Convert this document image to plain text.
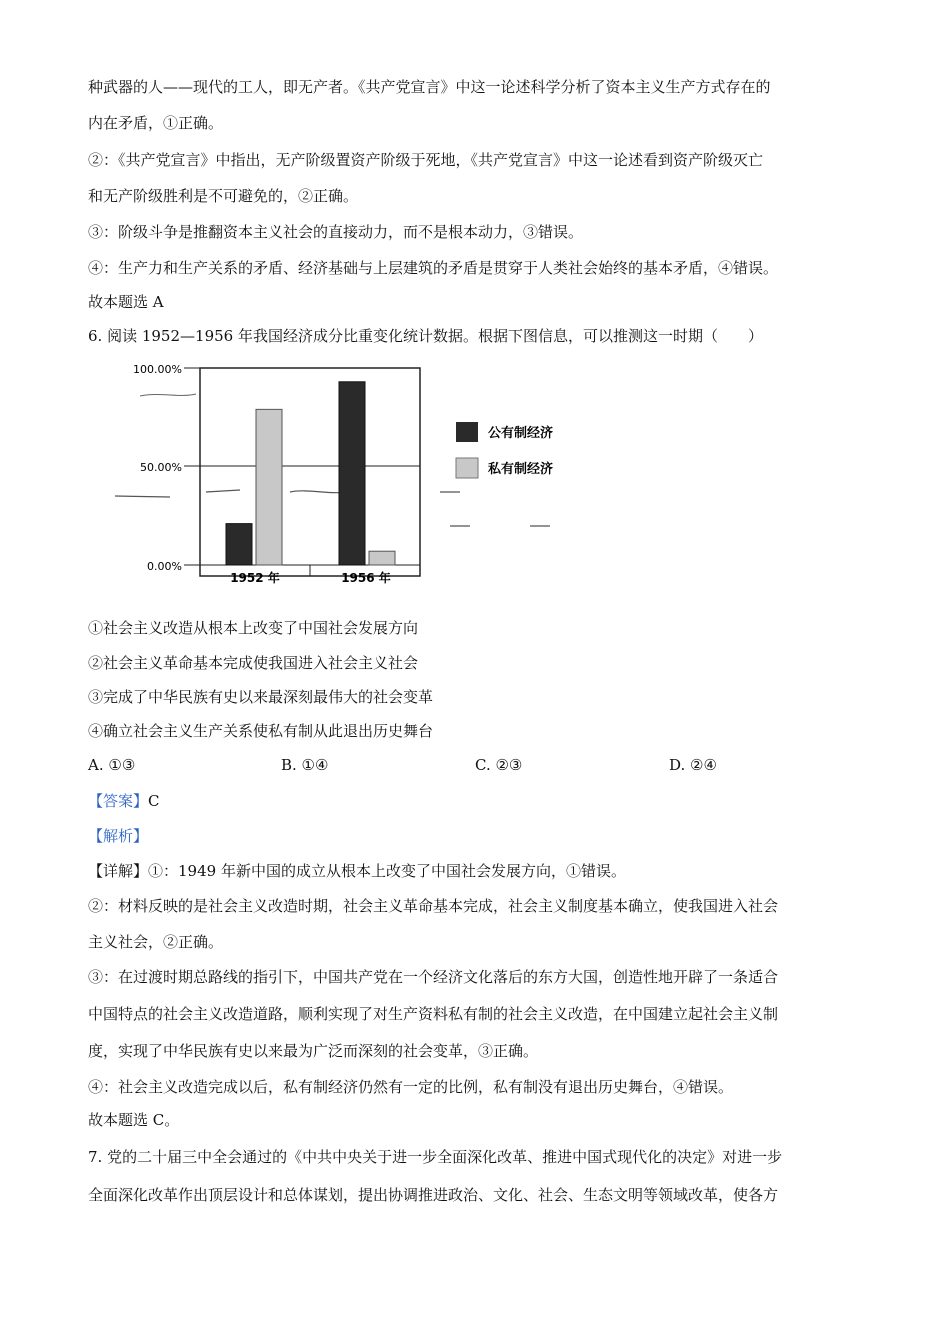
种武器的人——现代的工人，即无产者。《共产党宣言》中这一论述科学分析了资本主义生产方式存在的
内在矛盾，①正确。
②：《共产党宣言》中指出，无产阶级置资产阶级于死地，《共产党宣言》中这一论述看到资产阶级灭亡
和无产阶级胜利是不可避免的，②正确。
③：阶级斗争是推翻资本主义社会的直接动力，而不是根本动力，③错误。
④：生产力和生产关系的矛盾、经济基础与上层建筑的矛盾是贯穿于人类社会始终的基本矛盾，④错误。
故本题选 A
6. 阅读 1952—1956 年我国经济成分比重变化统计数据。根据下图信息，可以推测这一时期（　　）
100.00%
50.00%
0.00%
1952 年	1956 年
公有制经济
私有制经济
①社会主义改造从根本上改变了中国社会发展方向
②社会主义革命基本完成使我国进入社会主义社会
③完成了中华民族有史以来最深刻最伟大的社会变革
④确立社会主义生产关系使私有制从此退出历史舞台
A. ①③	B. ①④	C. ②③	D. ②④
【答案】C
【解析】
【详解】①：1949 年新中国的成立从根本上改变了中国社会发展方向，①错误。
②：材料反映的是社会主义改造时期，社会主义革命基本完成，社会主义制度基本确立，使我国进入社会
主义社会，②正确。
③：在过渡时期总路线的指引下，中国共产党在一个经济文化落后的东方大国，创造性地开辟了一条适合
中国特点的社会主义改造道路，顺利实现了对生产资料私有制的社会主义改造，在中国建立起社会主义制
度，实现了中华民族有史以来最为广泛而深刻的社会变革，③正确。
④：社会主义改造完成以后，私有制经济仍然有一定的比例，私有制没有退出历史舞台，④错误。
故本题选 C。
7. 党的二十届三中全会通过的《中共中央关于进一步全面深化改革、推进中国式现代化的决定》对进一步
全面深化改革作出顶层设计和总体谋划，提出协调推进政治、文化、社会、生态文明等领域改革，使各方
